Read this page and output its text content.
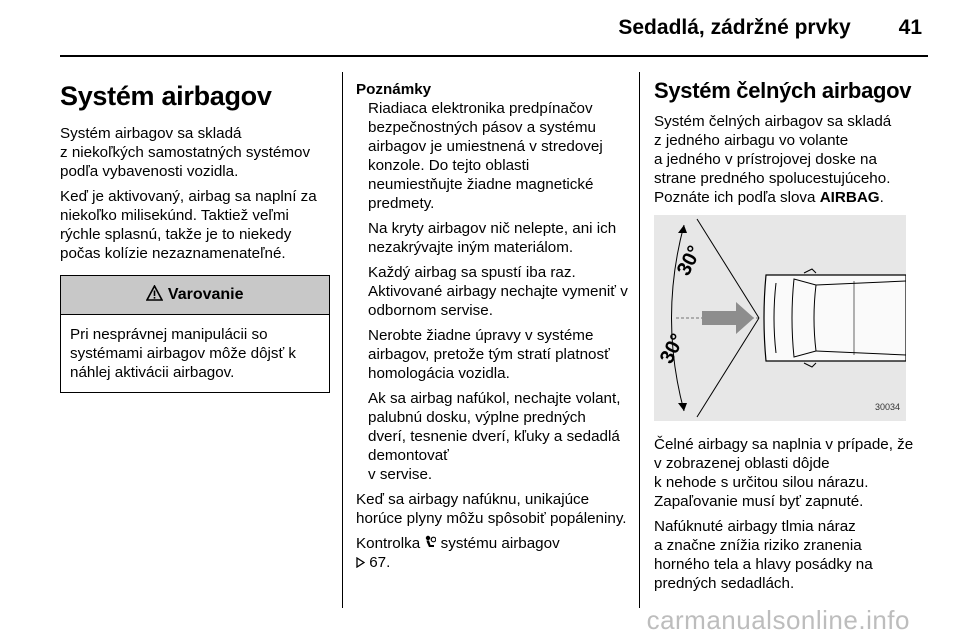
Sedadlá, zádržné prvky 41
Systém airbagov

Systém airbagov sa skladá
z niekoľkých samostatných systémov podľa vybavenosti vozidla.

Keď je aktivovaný, airbag sa naplní za niekoľko milisekúnd. Taktiež veľmi rýchle splasnú, takže je to niekedy počas kolízie nezaznamenateľné.

Varovanie
Pri nesprávnej manipulácii so systémami airbagov môže dôjsť k náhlej aktivácii airbagov.
Poznámky

Riadiaca elektronika predpínačov bezpečnostných pásov a systému airbagov je umiestnená v stredovej konzole. Do tejto oblasti neumiestňujte žiadne magnetické predmety.

Na kryty airbagov nič nelepte, ani ich nezakrývajte iným materiálom.

Každý airbag sa spustí iba raz. Aktivované airbagy nechajte vymeniť v odbornom servise.

Nerobte žiadne úpravy v systéme airbagov, pretože tým stratí platnosť homologácia vozidla.

Ak sa airbag nafúkol, nechajte volant, palubnú dosku, výplne predných dverí, tesnenie dverí, kľuky a sedadlá demontovať
v servise.

Keď sa airbagy nafúknu, unikajúce horúce plyny môžu spôsobiť popáleniny.

Kontrolka systému airbagov
67.

Systém čelných airbagov

Systém čelných airbagov sa skladá
z jedného airbagu vo volante
a jedného v prístrojovej doske na strane predného spolucestujúceho. Poznáte ich podľa slova AIRBAG.

30°
30°
30034

Čelné airbagy sa naplnia v prípade, že v zobrazenej oblasti dôjde
k nehode s určitou silou nárazu. Zapaľovanie musí byť zapnuté.

Nafúknuté airbagy tlmia náraz
a značne znížia riziko zranenia horného tela a hlavy posádky na predných sedadlách.

carmanualsonline.info
